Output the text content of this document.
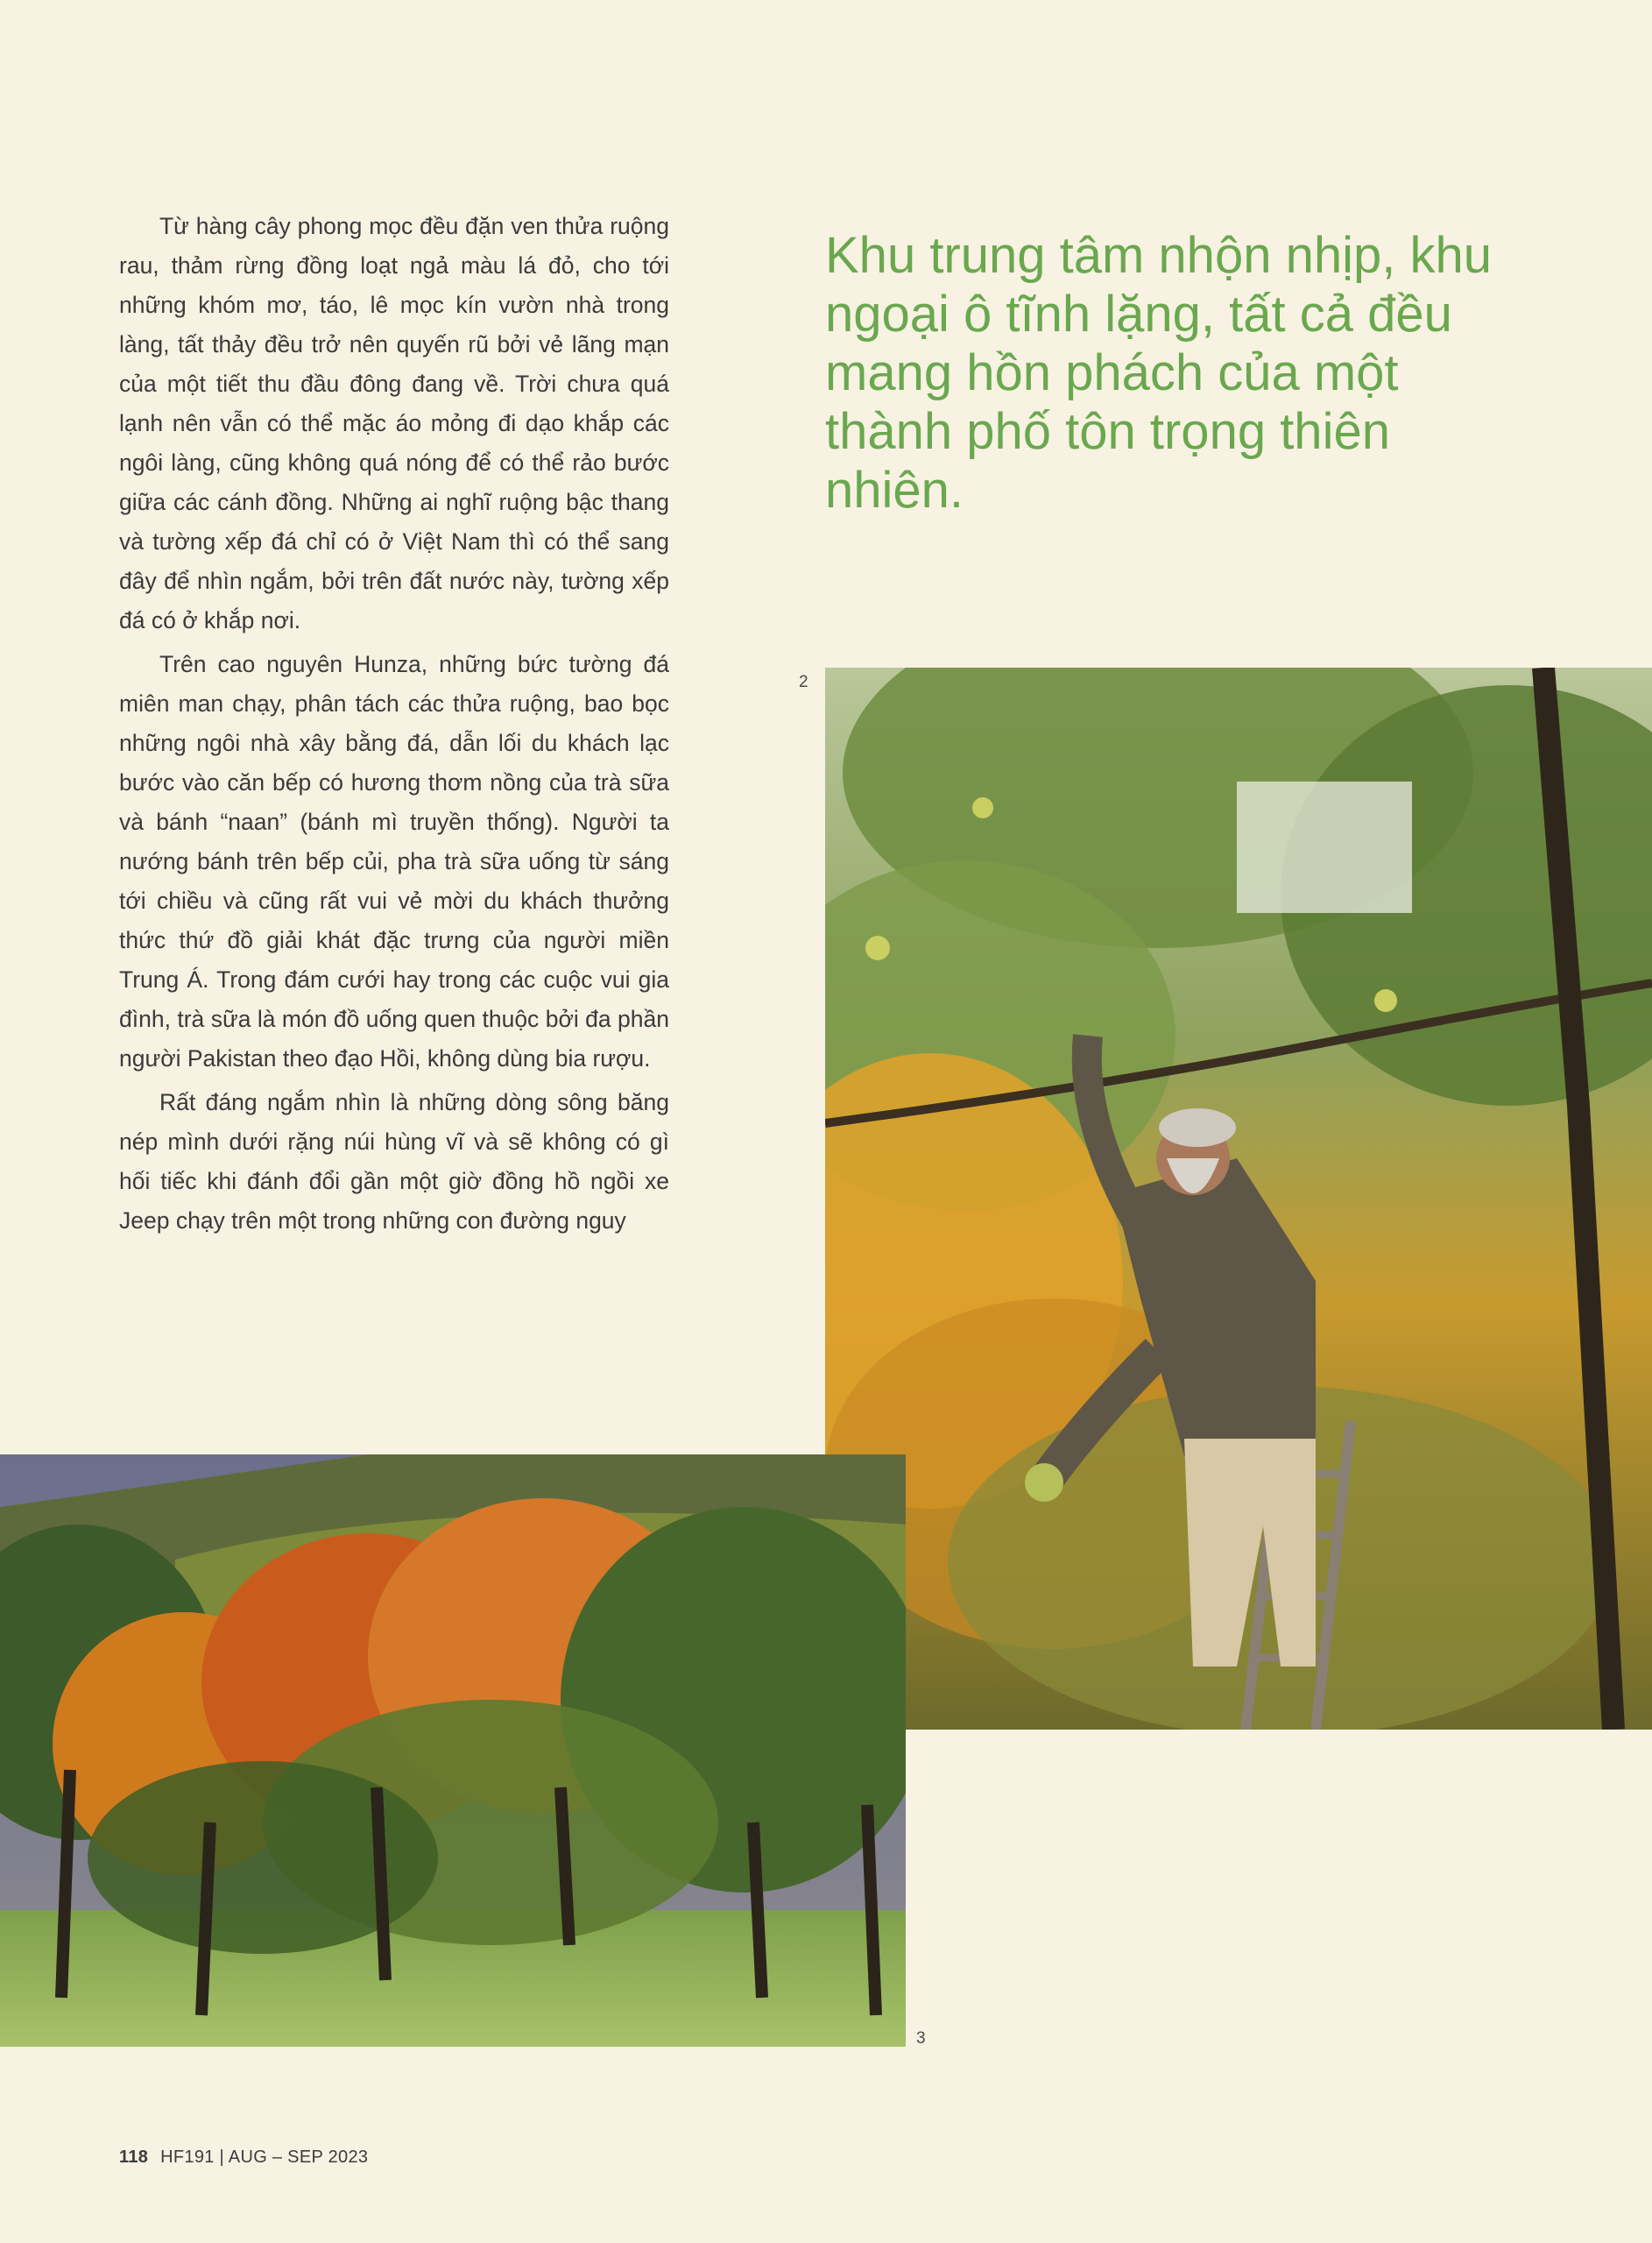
Từ hàng cây phong mọc đều đặn ven thửa ruộng rau, thảm rừng đồng loạt ngả màu lá đỏ, cho tới những khóm mơ, táo, lê mọc kín vườn nhà trong làng, tất thảy đều trở nên quyến rũ bởi vẻ lãng mạn của một tiết thu đầu đông đang về. Trời chưa quá lạnh nên vẫn có thể mặc áo mỏng đi dạo khắp các ngôi làng, cũng không quá nóng để có thể rảo bước giữa các cánh đồng. Những ai nghĩ ruộng bậc thang và tường xếp đá chỉ có ở Việt Nam thì có thể sang đây để nhìn ngắm, bởi trên đất nước này, tường xếp đá có ở khắp nơi.

Trên cao nguyên Hunza, những bức tường đá miên man chạy, phân tách các thửa ruộng, bao bọc những ngôi nhà xây bằng đá, dẫn lối du khách lạc bước vào căn bếp có hương thơm nồng của trà sữa và bánh “naan” (bánh mì truyền thống). Người ta nướng bánh trên bếp củi, pha trà sữa uống từ sáng tới chiều và cũng rất vui vẻ mời du khách thưởng thức thứ đồ giải khát đặc trưng của người miền Trung Á. Trong đám cưới hay trong các cuộc vui gia đình, trà sữa là món đồ uống quen thuộc bởi đa phần người Pakistan theo đạo Hồi, không dùng bia rượu.

Rất đáng ngắm nhìn là những dòng sông băng nép mình dưới rặng núi hùng vĩ và sẽ không có gì hối tiếc khi đánh đổi gần một giờ đồng hồ ngồi xe Jeep chạy trên một trong những con đường nguy

Khu trung tâm nhộn nhịp, khu ngoại ô tĩnh lặng, tất cả đều mang hồn phách của một thành phố tôn trọng thiên nhiên.
2
3
118 HF191 | AUG – SEP 2023
